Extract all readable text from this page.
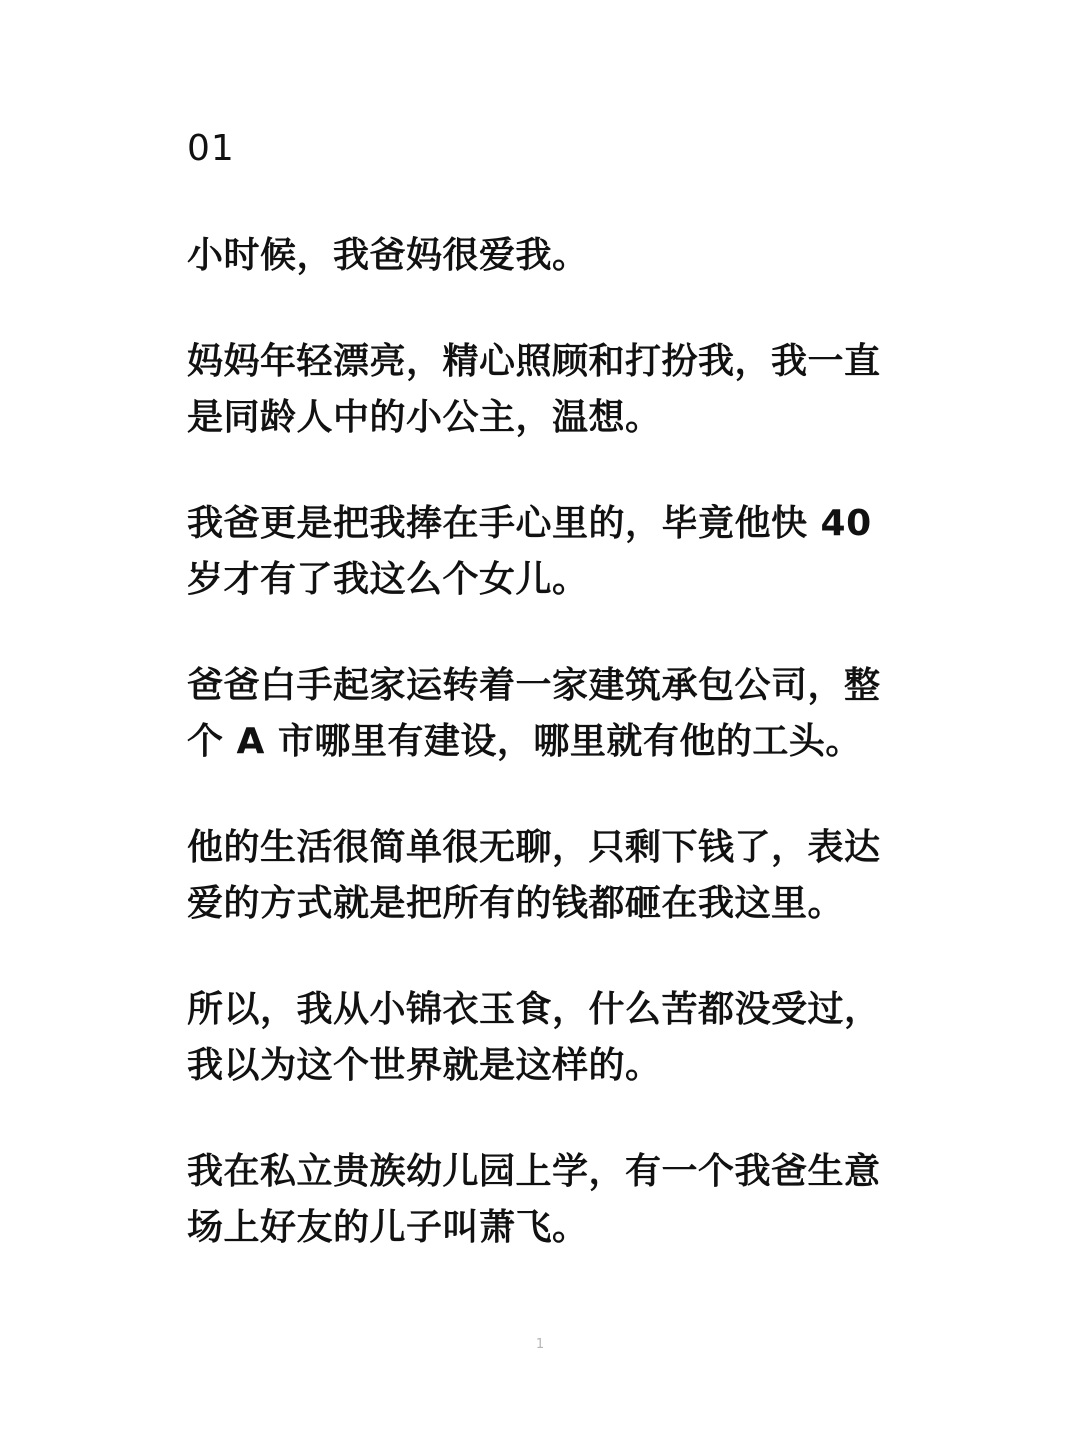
01

小时候，我爸妈很爱我。

妈妈年轻漂亮，精心照顾和打扮我，我一直是同龄人中的小公主，温想。

我爸更是把我捧在手心里的，毕竟他快 40 岁才有了我这么个女儿。

爸爸白手起家运转着一家建筑承包公司，整个 A 市哪里有建设，哪里就有他的工头。

他的生活很简单很无聊，只剩下钱了，表达爱的方式就是把所有的钱都砸在我这里。

所以，我从小锦衣玉食，什么苦都没受过，我以为这个世界就是这样的。

我在私立贵族幼儿园上学，有一个我爸生意场上好友的儿子叫萧飞。

1
